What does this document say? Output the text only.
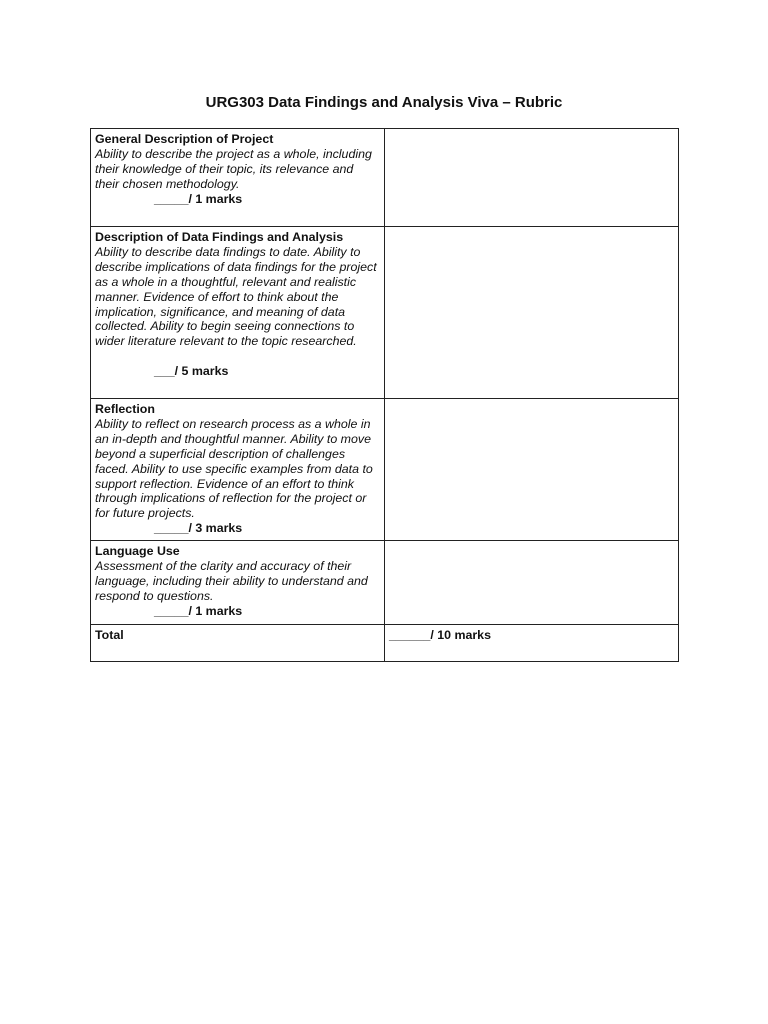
URG303 Data Findings and Analysis Viva – Rubric
General Description of Project
Ability to describe the project as a whole, including their knowledge of their topic, its relevance and their chosen methodology.
_____/ 1 marks	

Description of Data Findings and Analysis
Ability to describe data findings to date. Ability to describe implications of data findings for the project as a whole in a thoughtful, relevant and realistic manner. Evidence of effort to think about the implication, significance, and meaning of data collected. Ability to begin seeing connections to wider literature relevant to the topic researched.
___/ 5 marks	

Reflection
Ability to reflect on research process as a whole in an in-depth and thoughtful manner. Ability to move beyond a superficial description of challenges faced. Ability to use specific examples from data to support reflection. Evidence of an effort to think through implications of reflection for the project or for future projects.
_____/ 3 marks	

Language Use
Assessment of the clarity and accuracy of their language, including their ability to understand and respond to questions.
_____/ 1 marks	

Total	______/ 10 marks
